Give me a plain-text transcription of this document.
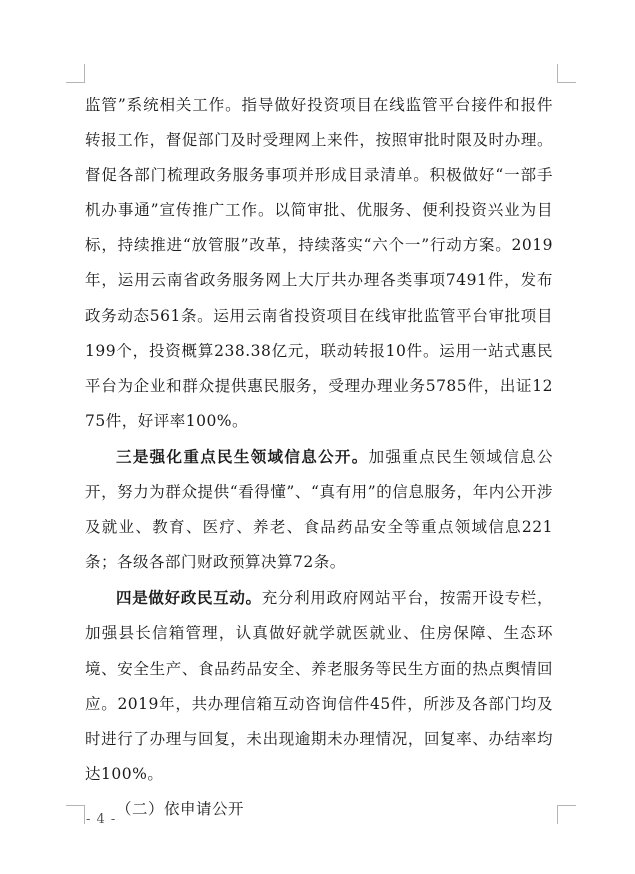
监管”系统相关工作。指导做好投资项目在线监管平台接件和报件转报工作，督促部门及时受理网上来件，按照审批时限及时办理。督促各部门梳理政务服务事项并形成目录清单。积极做好“一部手机办事通”宣传推广工作。以简审批、优服务、便利投资兴业为目标，持续推进“放管服”改革，持续落实“六个一”行动方案。2019年，运用云南省政务服务网上大厅共办理各类事项7491件，发布政务动态561条。运用云南省投资项目在线审批监管平台审批项目199个，投资概算238.38亿元，联动转报10件。运用一站式惠民平台为企业和群众提供惠民服务，受理办理业务5785件，出证1275件，好评率100%。

三是强化重点民生领域信息公开。加强重点民生领域信息公开，努力为群众提供“看得懂”、“真有用”的信息服务，年内公开涉及就业、教育、医疗、养老、食品药品安全等重点领域信息221条；各级各部门财政预算决算72条。

四是做好政民互动。充分利用政府网站平台，按需开设专栏，加强县长信箱管理，认真做好就学就医就业、住房保障、生态环境、安全生产、食品药品安全、养老服务等民生方面的热点舆情回应。2019年，共办理信箱互动咨询信件45件，所涉及各部门均及时进行了办理与回复，未出现逾期未办理情况，回复率、办结率均达100%。

（二）依申请公开

- 4 -
